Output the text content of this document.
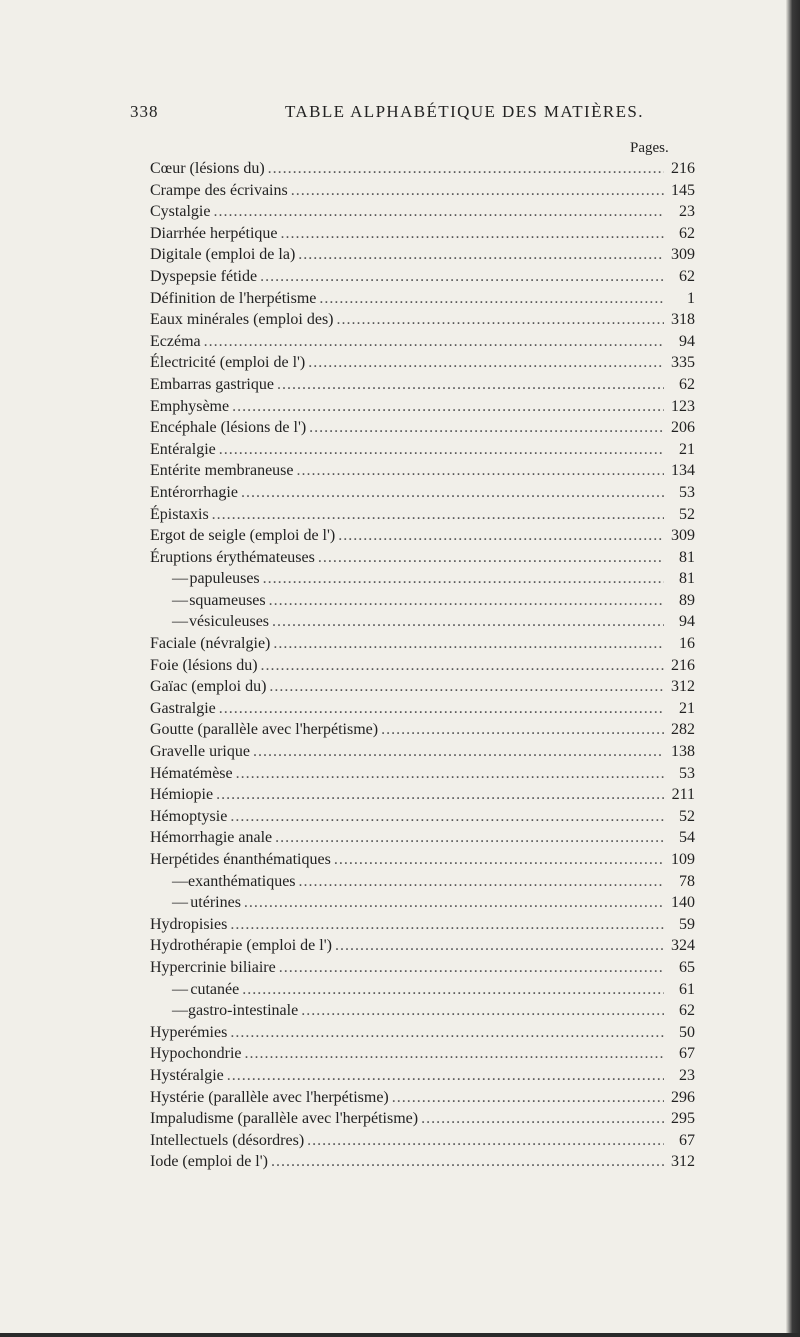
338	TABLE ALPHABÉTIQUE DES MATIÈRES.
Pages.
Cœur (lésions du) .....	216
Crampe des écrivains .....	145
Cystalgie .....	23
Diarrhée herpétique .....	62
Digitale (emploi de la) .....	309
Dyspepsie fétide .....	62
Définition de l'herpétisme .....	1
Eaux minérales (emploi des) .....	318
Eczéma .....	94
Électricité (emploi de l') .....	335
Embarras gastrique .....	62
Emphysème .....	123
Encéphale (lésions de l') .....	206
Entéralgie .....	21
Entérite membraneuse .....	134
Entérorrhagie .....	53
Épistaxis .....	52
Ergot de seigle (emploi de l') .....	309
Éruptions érythémateuses .....	81
— papuleuses .....	81
— squameuses .....	89
— vésiculeuses .....	94
Faciale (névralgie) .....	16
Foie (lésions du) .....	216
Gaïac (emploi du) .....	312
Gastralgie .....	21
Goutte (parallèle avec l'herpétisme) .....	282
Gravelle urique .....	138
Hématémèse .....	53
Hémiopie .....	211
Hémoptysie .....	52
Hémorrhagie anale .....	54
Herpétides énanthématiques .....	109
— exanthématiques .....	78
— utérines .....	140
Hydropisies .....	59
Hydrothérapie (emploi de l') .....	324
Hypercrinie biliaire .....	65
— cutanée .....	61
— gastro-intestinale .....	62
Hyperémies .....	50
Hypochondrie .....	67
Hystéralgie .....	23
Hystérie (parallèle avec l'herpétisme) .....	296
Impaludisme (parallèle avec l'herpétisme) .....	295
Intellectuels (désordres) .....	67
Iode (emploi de l') .....	312
